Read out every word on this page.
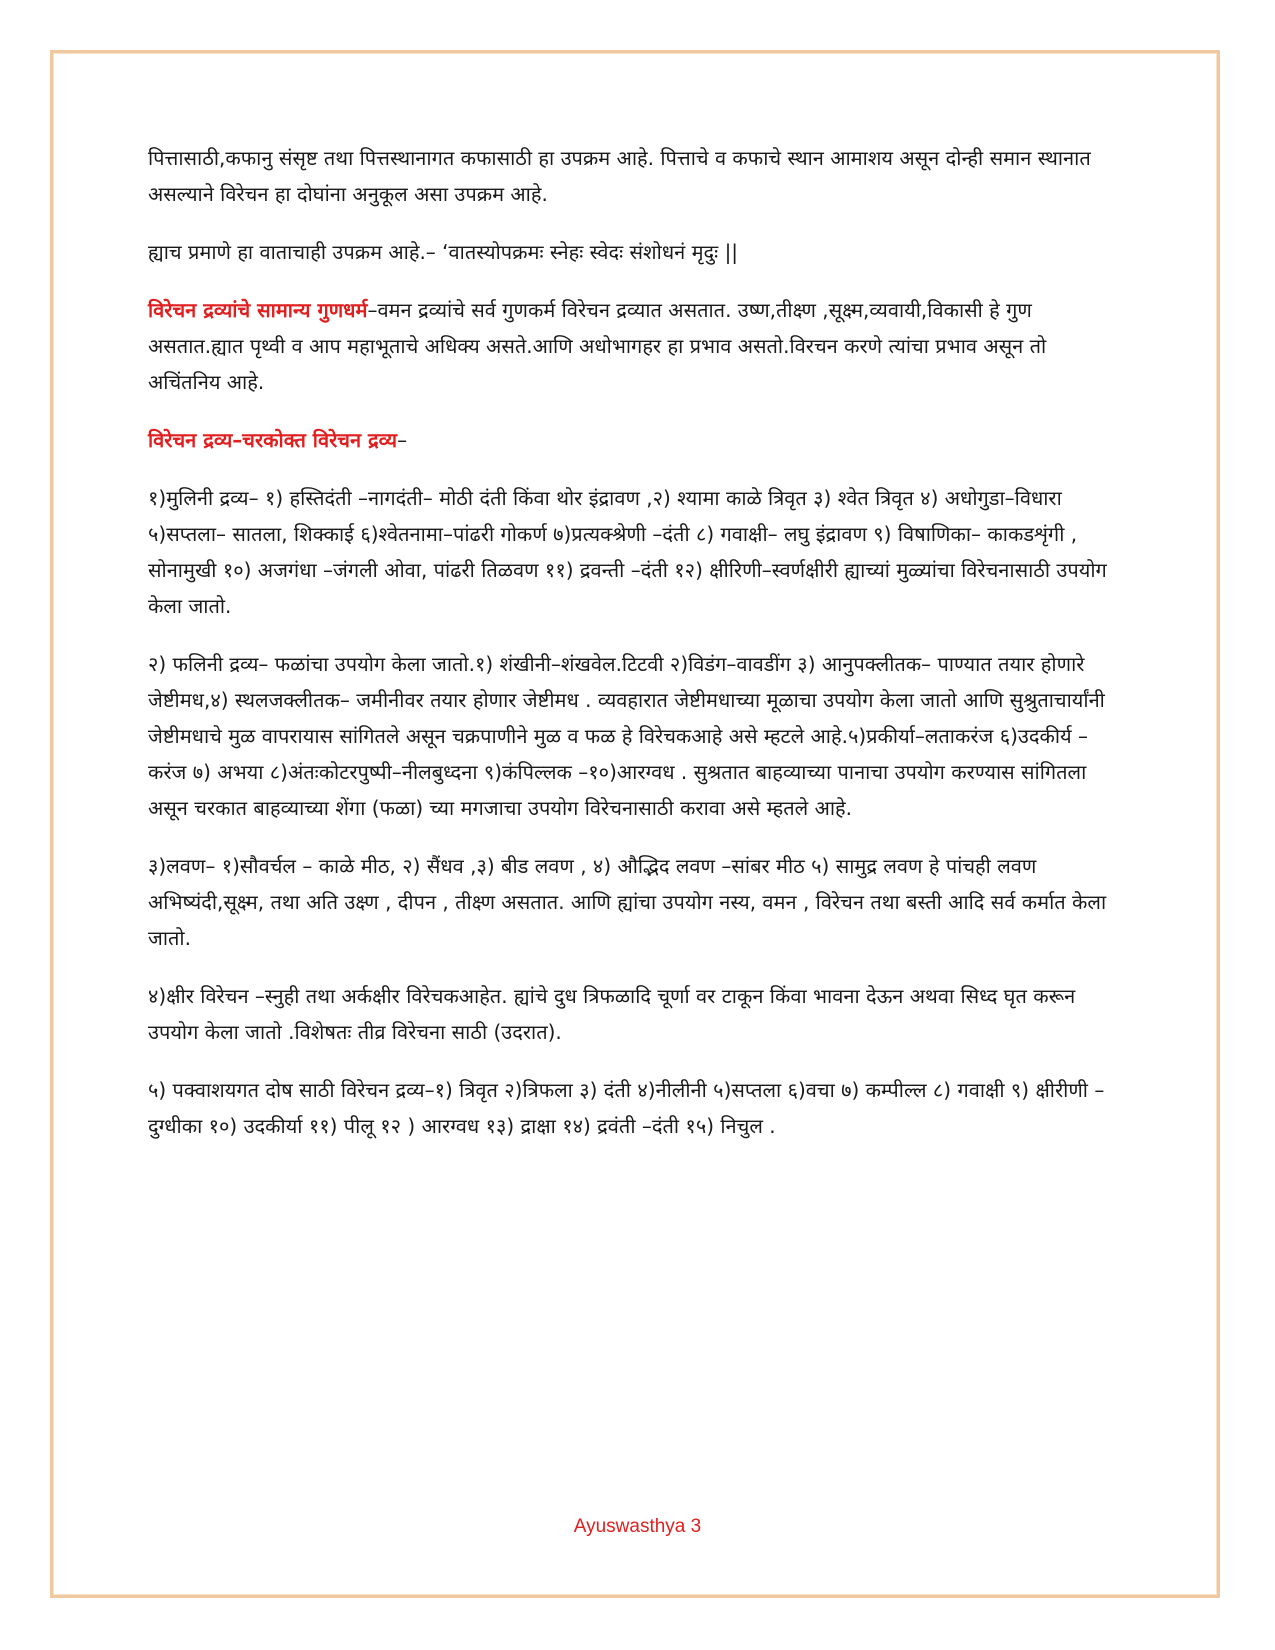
पित्तासाठी,कफानु संसृष्ट तथा पित्तस्थानागत कफासाठी हा उपक्रम आहे. पित्ताचे व कफाचे स्थान आमाशय असून दोन्ही समान स्थानात असल्याने विरेचन हा दोघांना अनुकूल असा उपक्रम आहे.

ह्याच प्रमाणे हा वाताचाही उपक्रम आहे.– ‘वातस्योपक्रमः स्नेहः स्वेदः संशोधनं मृदुः ||

विरेचन द्रव्यांचे सामान्य गुणधर्म–वमन द्रव्यांचे सर्व गुणकर्म विरेचन द्रव्यात असतात. उष्ण,तीक्ष्ण ,सूक्ष्म,व्यवायी,विकासी हे गुण असतात.ह्यात पृथ्वी व आप महाभूताचे अधिक्य असते.आणि अधोभागहर हा प्रभाव असतो.विरचन करणे त्यांचा प्रभाव असून तो अचिंतनिय आहे.

विरेचन द्रव्य–चरकोक्त विरेचन द्रव्य–

१)मुलिनी द्रव्य– १) हस्तिदंती –नागदंती– मोठी दंती किंवा थोर इंद्रावण ,२) श्यामा काळे त्रिवृत ३) श्वेत त्रिवृत ४) अधोगुडा–विधारा ५)सप्तला– सातला, शिक्काई ६)श्वेतनामा–पांढरी गोकर्ण ७)प्रत्यक्श्रेणी –दंती ८) गवाक्षी– लघु इंद्रावण ९) विषाणिका– काकडशृंगी , सोनामुखी १०) अजगंधा –जंगली ओवा, पांढरी तिळवण ११) द्रवन्ती –दंती १२) क्षीरिणी–स्वर्णक्षीरी ह्याच्यां मुळ्यांचा विरेचनासाठी उपयोग केला जातो.

२) फलिनी द्रव्य– फळांचा उपयोग केला जातो.१) शंखीनी–शंखवेल.टिटवी २)विडंग–वावडींग ३) आनुपक्लीतक– पाण्यात तयार होणारे जेष्टीमध,४) स्थलजक्लीतक– जमीनीवर तयार होणार जेष्टीमध . व्यवहारात जेष्टीमधाच्या मूळाचा उपयोग केला जातो आणि सुश्रुताचार्यांनी जेष्टीमधाचे मुळ वापरायास सांगितले असून चक्रपाणीने मुळ व फळ हे विरेचकआहे असे म्हटले आहे.५)प्रकीर्या–लताकरंज ६)उदकीर्य –करंज ७) अभया ८)अंतःकोटरपुष्पी–नीलबुध्दना ९)कंपिल्लक –१०)आरग्वध . सुश्रतात बाहव्याच्या पानाचा उपयोग करण्यास सांगितला असून चरकात बाहव्याच्या शेंगा (फळा) च्या मगजाचा उपयोग विरेचनासाठी करावा असे म्हतले आहे.

३)लवण– १)सौवर्चल – काळे मीठ, २) सैंधव ,३) बीड लवण , ४) औद्भिद लवण –सांबर मीठ ५) सामुद्र लवण हे पांचही लवण अभिष्यंदी,सूक्ष्म, तथा अति उक्ष्ण , दीपन , तीक्ष्ण असतात. आणि ह्यांचा उपयोग नस्य, वमन , विरेचन तथा बस्ती आदि सर्व कर्मात केला जातो.

४)क्षीर विरेचन –स्नुही तथा अर्कक्षीर विरेचकआहेत. ह्यांचे दुध त्रिफळादि चूर्णा वर टाकून किंवा भावना देऊन अथवा सिध्द घृत करून उपयोग केला जातो .विशेषतः तीव्र विरेचना साठी (उदरात).

५) पक्वाशयगत दोष साठी विरेचन द्रव्य–१) त्रिवृत २)त्रिफला ३) दंती ४)नीलीनी ५)सप्तला ६)वचा ७) कम्पील्ल ८) गवाक्षी ९) क्षीरीणी –दुग्धीका १०) उदकीर्या ११) पीलू १२ ) आरग्वध १३) द्राक्षा १४) द्रवंती –दंती १५) निचुल .

Ayuswasthya 3
